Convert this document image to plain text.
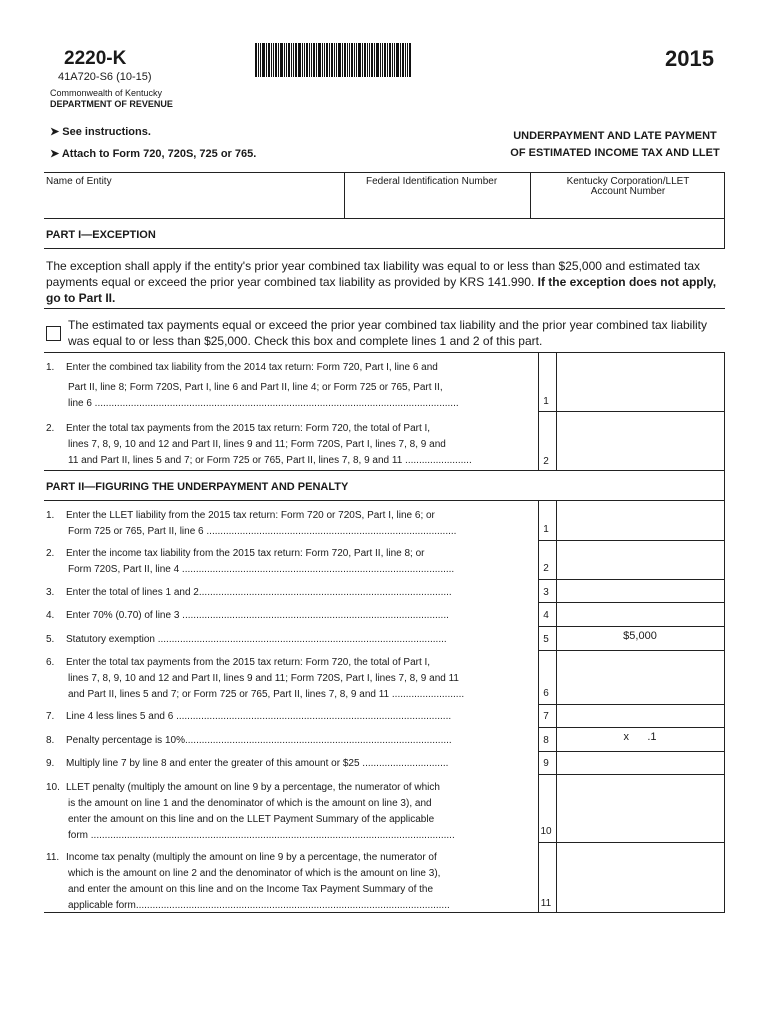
2220-K
41A720-S6 (10-15)
Commonwealth of Kentucky
DEPARTMENT OF REVENUE
2015
➤ See instructions.
➤ Attach to Form 720, 720S, 725 or 765.
UNDERPAYMENT AND LATE PAYMENT
OF ESTIMATED INCOME TAX AND LLET
Name of Entity	Federal Identification Number	Kentucky Corporation/LLET
Account Number
PART I—EXCEPTION
The exception shall apply if the entity's prior year combined tax liability was equal to or less than $25,000 and estimated tax payments equal or exceed the prior year combined tax liability as provided by KRS 141.990. If the exception does not apply, go to Part II.
The estimated tax payments equal or exceed the prior year combined tax liability and the prior year combined tax liability was equal to or less than $25,000. Check this box and complete lines 1 and 2 of this part.
1. Enter the combined tax liability from the 2014 tax return: Form 720, Part I, line 6 and
Part II, line 8; Form 720S, Part I, line 6 and Part II, line 4; or Form 725 or 765, Part II,
line 6 ...................................................................................................................................	1
2. Enter the total tax payments from the 2015 tax return: Form 720, the total of Part I,
lines 7, 8, 9, 10 and 12 and Part II, lines 9 and 11; Form 720S, Part I, lines 7, 8, 9 and
11 and Part II, lines 5 and 7; or Form 725 or 765, Part II, lines 7, 8, 9 and 11 ........................	2
PART II—FIGURING THE UNDERPAYMENT AND PENALTY
1. Enter the LLET liability from the 2015 tax return: Form 720 or 720S, Part I, line 6; or
Form 725 or 765, Part II, line 6 ..........................................................................................	1
2. Enter the income tax liability from the 2015 tax return: Form 720, Part II, line 8; or
Form 720S, Part II, line 4 ..................................................................................................	2
3. Enter the total of lines 1 and 2...........................................................................................	3
4. Enter 70% (0.70) of line 3 ................................................................................................	4
5. Statutory exemption ........................................................................................................	5	$5,000
6. Enter the total tax payments from the 2015 tax return: Form 720, the total of Part I,
lines 7, 8, 9, 10 and 12 and Part II, lines 9 and 11; Form 720S, Part I, lines 7, 8, 9 and 11
and Part II, lines 5 and 7; or Form 725 or 765, Part II, lines 7, 8, 9 and 11 ..........................	6
7. Line 4 less lines 5 and 6 ...................................................................................................	7
8. Penalty percentage is 10%................................................................................................	8	x      .1
9. Multiply line 7 by line 8 and enter the greater of this amount or $25 ...............................	9
10. LLET penalty (multiply the amount on line 9 by a percentage, the numerator of which
is the amount on line 1 and the denominator of which is the amount on line 3), and
enter the amount on this line and on the LLET Payment Summary of the applicable
form ...................................................................................................................................	10
11. Income tax penalty (multiply the amount on line 9 by a percentage, the numerator of
which is the amount on line 2 and the denominator of which is the amount on line 3),
and enter the amount on this line and on the Income Tax Payment Summary of the
applicable form.................................................................................................................	11
